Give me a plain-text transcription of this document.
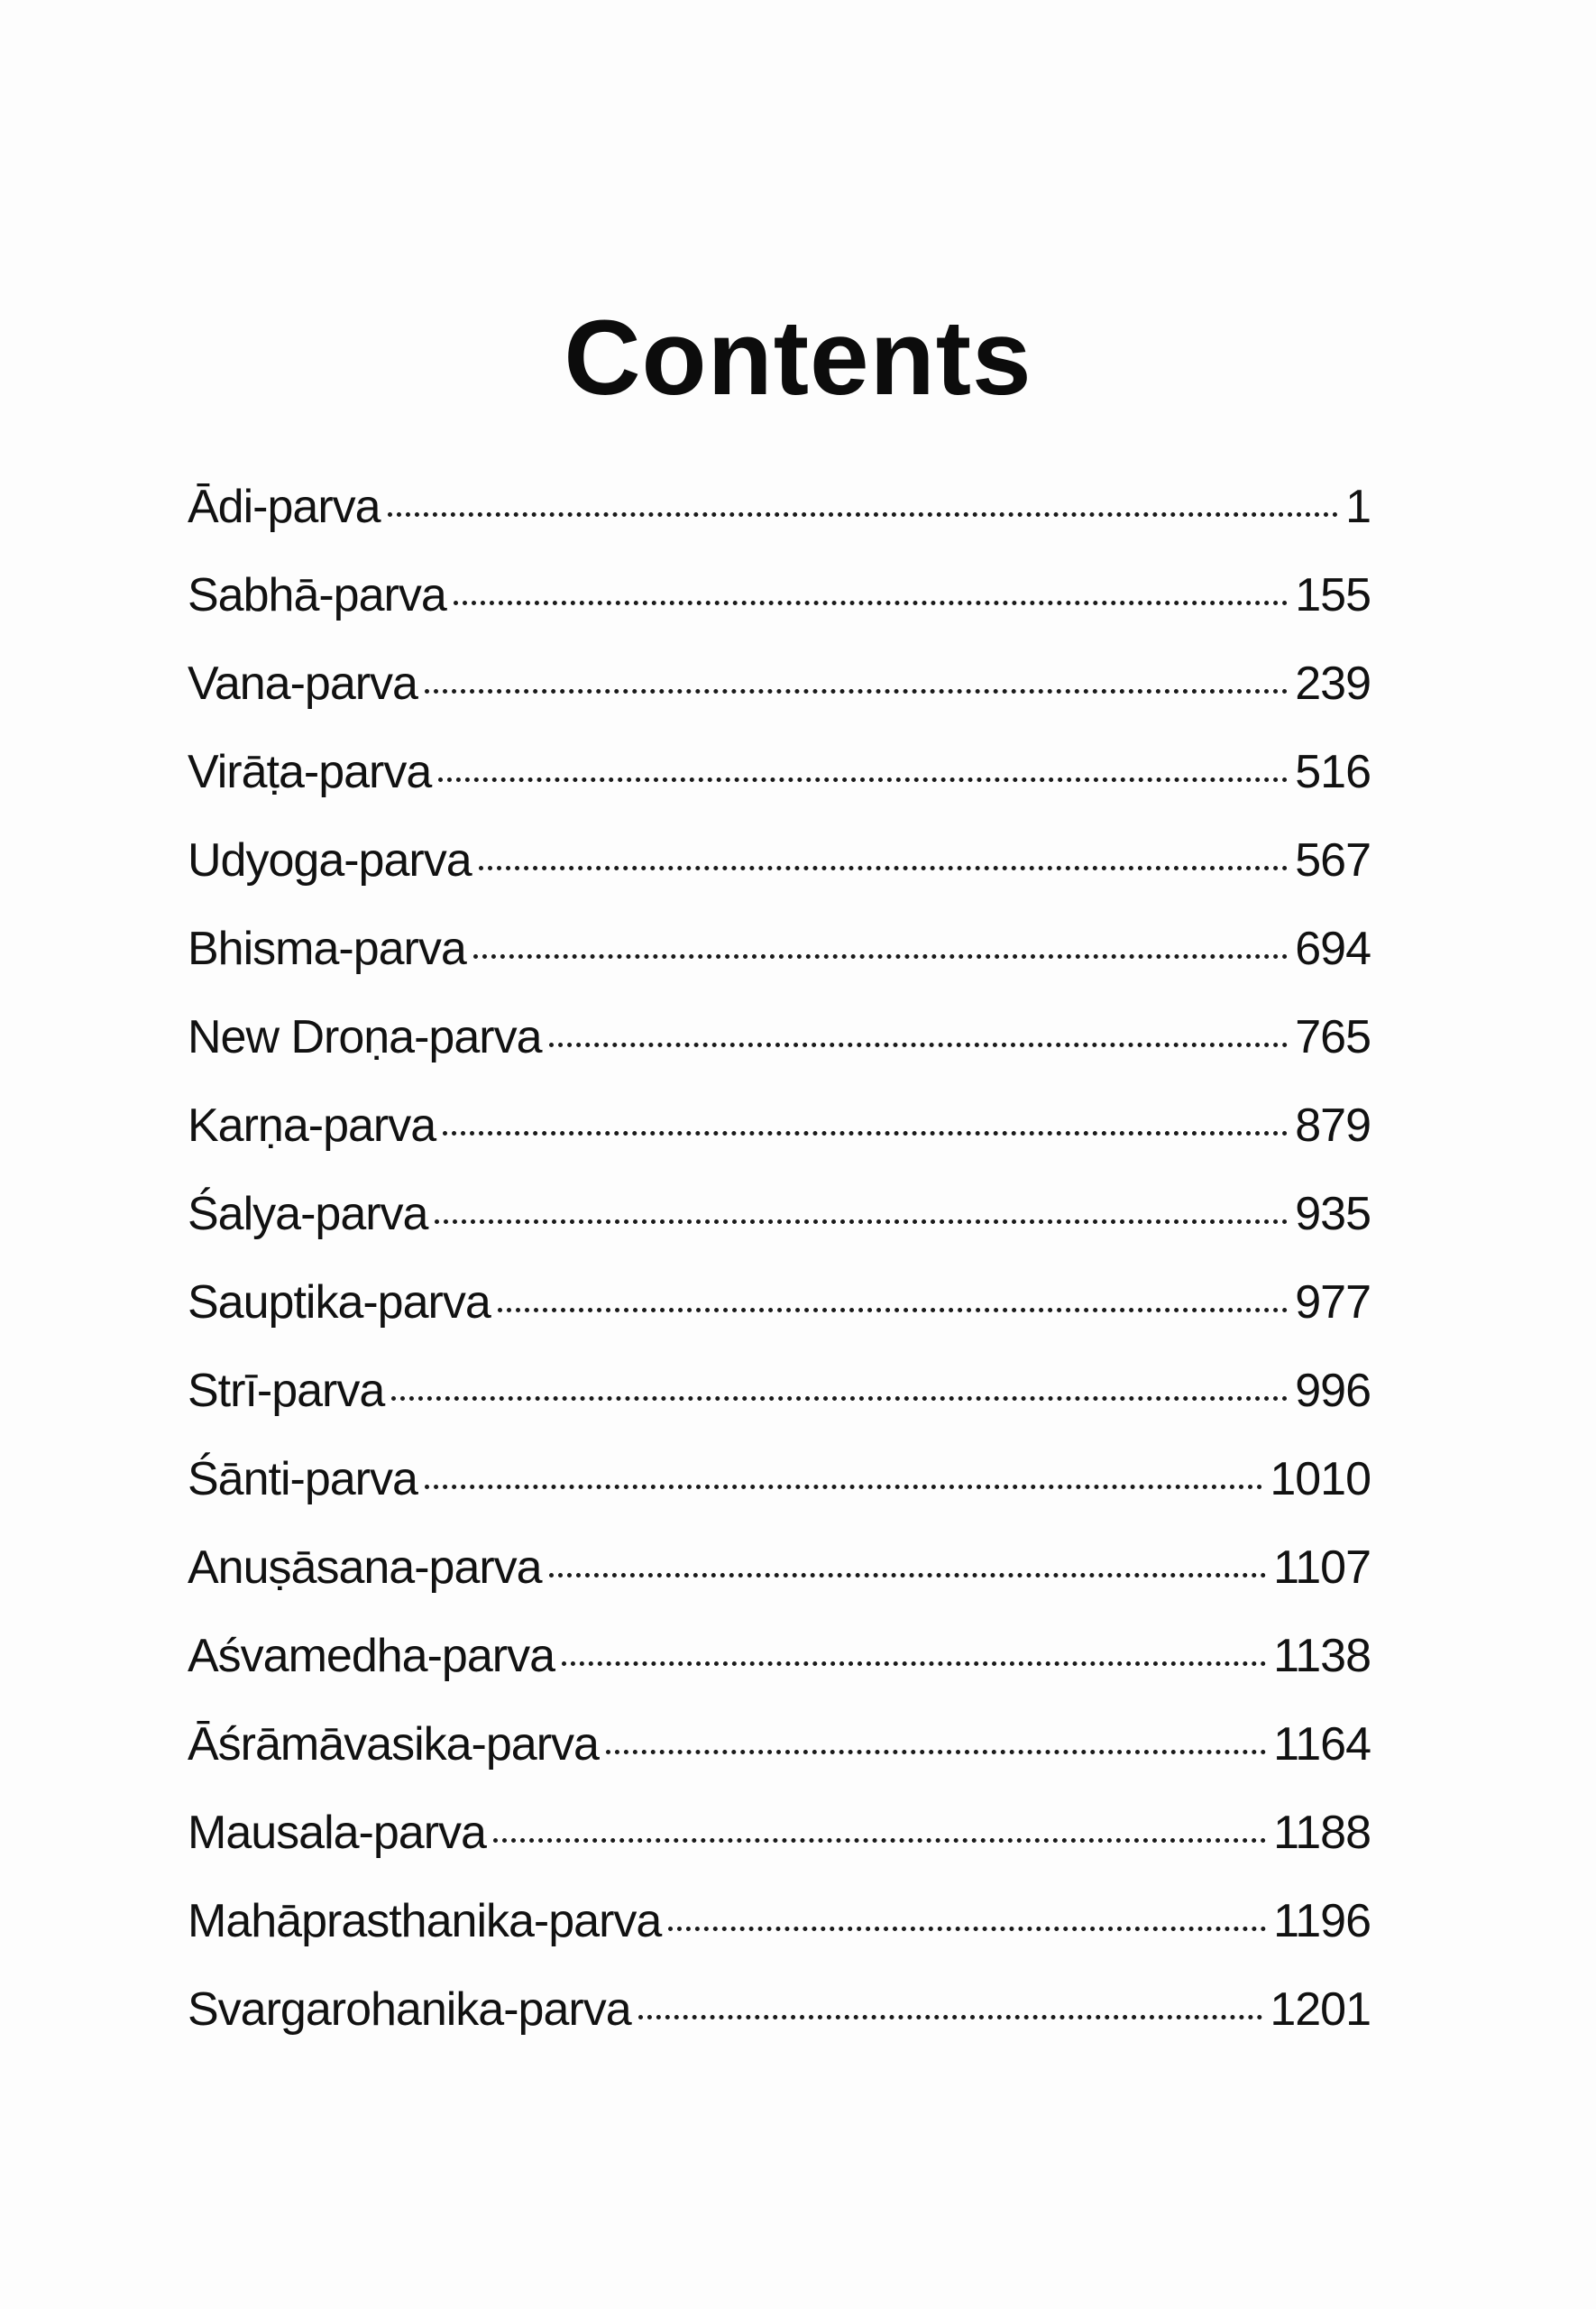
Contents
Ādi-parva	1
Sabhā-parva	155
Vana-parva	239
Virāṭa-parva	516
Udyoga-parva	567
Bhisma-parva	694
New Droṇa-parva	765
Karṇa-parva	879
Śalya-parva	935
Sauptika-parva	977
Strī-parva	996
Śānti-parva	1010
Anuṣāsana-parva	1107
Aśvamedha-parva	1138
Āśrāmāvasika-parva	1164
Mausala-parva	1188
Mahāprasthanika-parva	1196
Svargarohanika-parva	1201
